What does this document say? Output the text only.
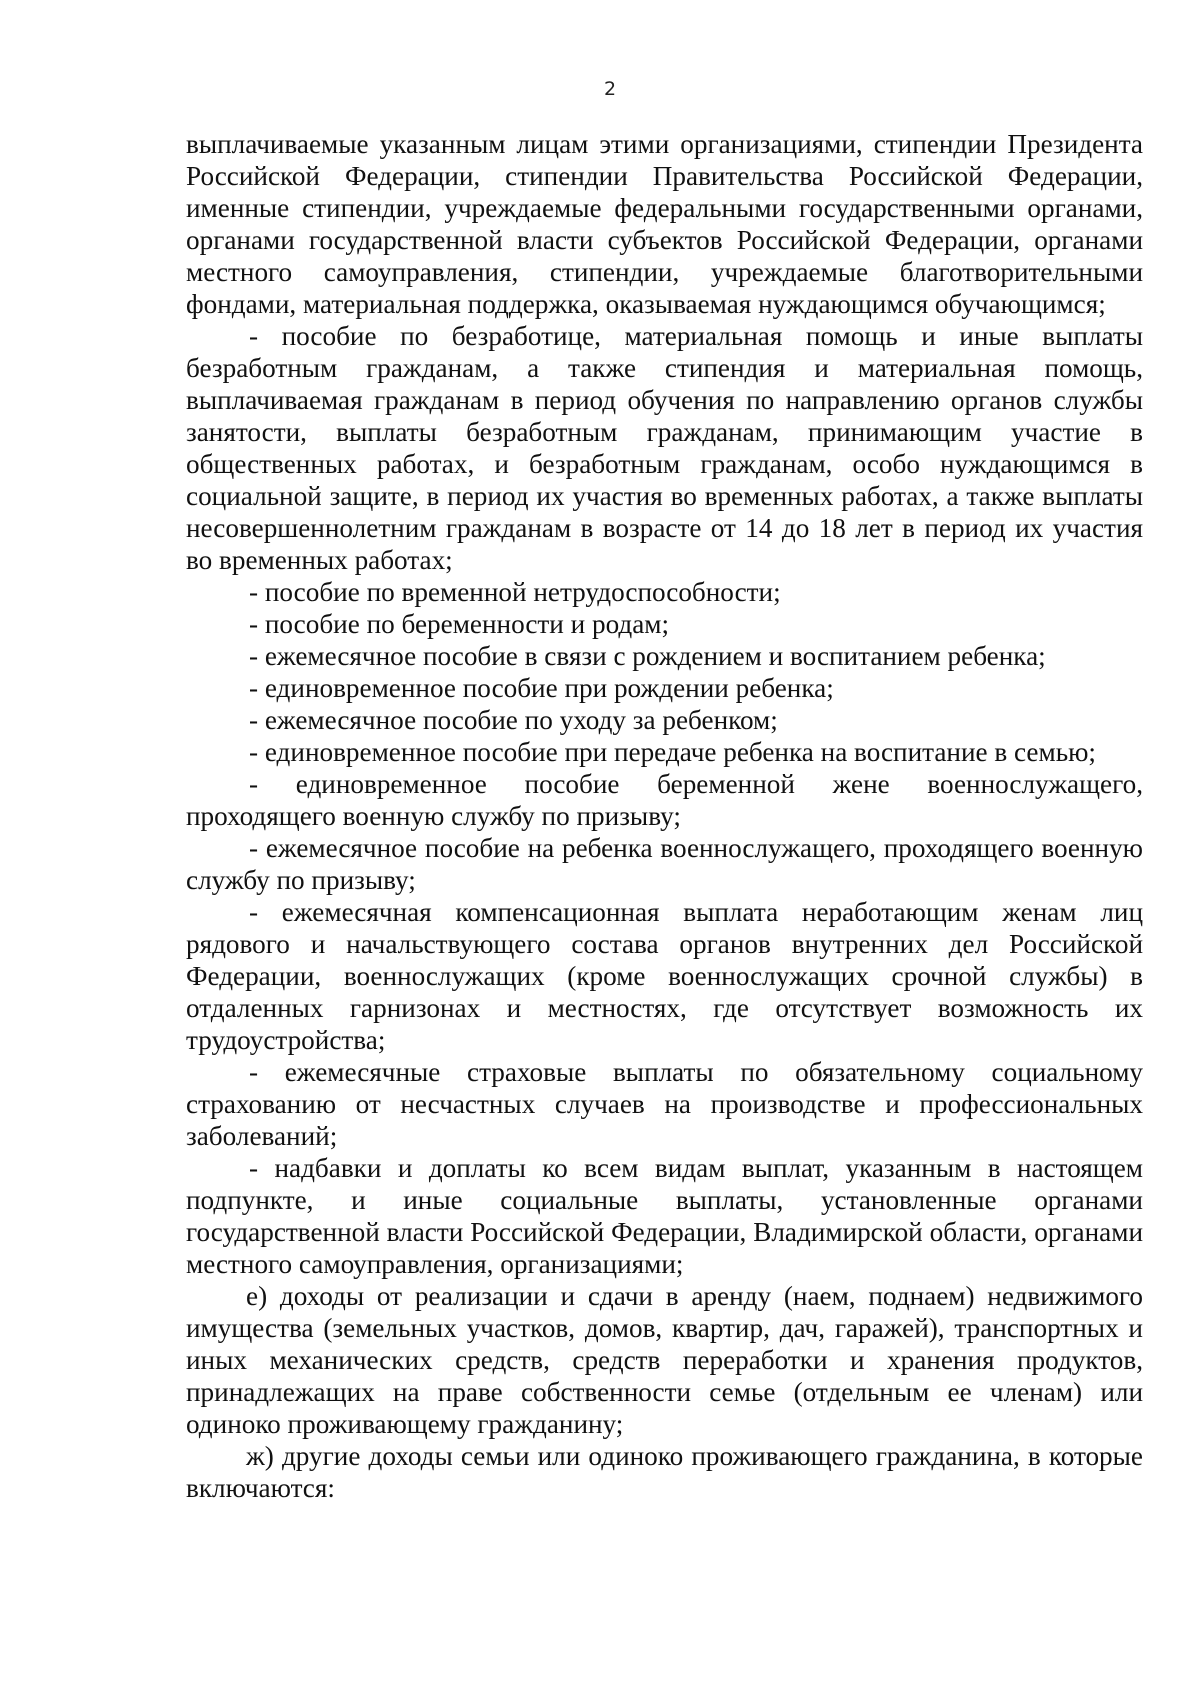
2

выплачиваемые указанным лицам этими организациями, стипендии Президента Российской Федерации, стипендии Правительства Российской Федерации, именные стипендии, учреждаемые федеральными государственными органами, органами государственной власти субъектов Российской Федерации, органами местного самоуправления, стипендии, учреждаемые благотворительными фондами, материальная поддержка, оказываемая нуждающимся обучающимся;

- пособие по безработице, материальная помощь и иные выплаты безработным гражданам, а также стипендия и материальная помощь, выплачиваемая гражданам в период обучения по направлению органов службы занятости, выплаты безработным гражданам, принимающим участие в общественных работах, и безработным гражданам, особо нуждающимся в социальной защите, в период их участия во временных работах, а также выплаты несовершеннолетним гражданам в возрасте от 14 до 18 лет в период их участия во временных работах;

- пособие по временной нетрудоспособности;

- пособие по беременности и родам;

- ежемесячное пособие в связи с рождением и воспитанием ребенка;

- единовременное пособие при рождении ребенка;

- ежемесячное пособие по уходу за ребенком;

- единовременное пособие при передаче ребенка на воспитание в семью;

- единовременное пособие беременной жене военнослужащего, проходящего военную службу по призыву;

- ежемесячное пособие на ребенка военнослужащего, проходящего военную службу по призыву;

- ежемесячная компенсационная выплата неработающим женам лиц рядового и начальствующего состава органов внутренних дел Российской Федерации, военнослужащих (кроме военнослужащих срочной службы) в отдаленных гарнизонах и местностях, где отсутствует возможность их трудоустройства;

- ежемесячные страховые выплаты по обязательному социальному страхованию от несчастных случаев на производстве и профессиональных заболеваний;

- надбавки и доплаты ко всем видам выплат, указанным в настоящем подпункте, и иные социальные выплаты, установленные органами государственной власти Российской Федерации, Владимирской области, органами местного самоуправления, организациями;

е) доходы от реализации и сдачи в аренду (наем, поднаем) недвижимого имущества (земельных участков, домов, квартир, дач, гаражей), транспортных и иных механических средств, средств переработки и хранения продуктов, принадлежащих на праве собственности семье (отдельным ее членам) или одиноко проживающему гражданину;

ж) другие доходы семьи или одиноко проживающего гражданина, в которые включаются:
